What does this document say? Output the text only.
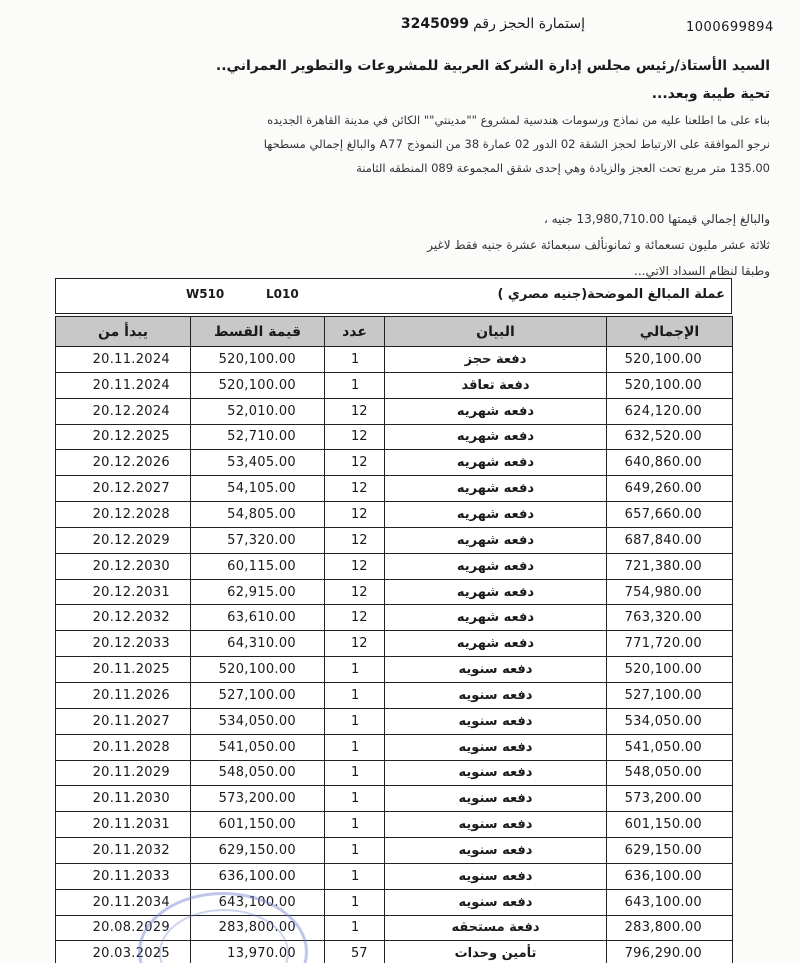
1000699894
إستمارة الحجز رقم
3245099
السيد الأستاذ/رئيس مجلس إدارة الشركة العربية للمشروعات والتطوير العمراني..
تحية طيبة وبعد...
بناء على ما اطلعنا عليه من نماذج ورسومات هندسية لمشروع ""مدينتي"" الكائن في مدينة القاهرة الجديده
نرجو الموافقة على الارتباط لحجز الشقة 02 الدور 02 عمارة 38 من النموذج A77 والبالغ إجمالي مسطحها
135.00 متر مربع تحت العجز والزيادة وهي إحدى شقق المجموعة 089 المنطقه الثامنة
والبالغ إجمالي قيمتها 13,980,710.00 جنيه ،
ثلاثة عشر مليون تسعمائة و ثمانونألف سبعمائة عشرة جنيه فقط لاغير
وطبقا لنظام السداد الاتي...
W510	L010	عملة المبالغ الموضحة(جنيه مصري )
يبدأ من	قيمة القسط	عدد	البيان	الإجمالي
20.11.2024	520,100.00	1	دفعة حجز	520,100.00
20.11.2024	520,100.00	1	دفعة تعاقد	520,100.00
20.12.2024	52,010.00	12	دفعه شهريه	624,120.00
20.12.2025	52,710.00	12	دفعه شهريه	632,520.00
20.12.2026	53,405.00	12	دفعه شهريه	640,860.00
20.12.2027	54,105.00	12	دفعه شهريه	649,260.00
20.12.2028	54,805.00	12	دفعه شهريه	657,660.00
20.12.2029	57,320.00	12	دفعه شهريه	687,840.00
20.12.2030	60,115.00	12	دفعه شهريه	721,380.00
20.12.2031	62,915.00	12	دفعه شهريه	754,980.00
20.12.2032	63,610.00	12	دفعه شهريه	763,320.00
20.12.2033	64,310.00	12	دفعه شهريه	771,720.00
20.11.2025	520,100.00	1	دفعه سنويه	520,100.00
20.11.2026	527,100.00	1	دفعه سنويه	527,100.00
20.11.2027	534,050.00	1	دفعه سنويه	534,050.00
20.11.2028	541,050.00	1	دفعه سنويه	541,050.00
20.11.2029	548,050.00	1	دفعه سنويه	548,050.00
20.11.2030	573,200.00	1	دفعه سنويه	573,200.00
20.11.2031	601,150.00	1	دفعه سنويه	601,150.00
20.11.2032	629,150.00	1	دفعه سنويه	629,150.00
20.11.2033	636,100.00	1	دفعه سنويه	636,100.00
20.11.2034	643,100.00	1	دفعه سنويه	643,100.00
20.08.2029	283,800.00	1	دفعة مستحقه	283,800.00
20.03.2025	13,970.00	57	تأمين وحدات	796,290.00
